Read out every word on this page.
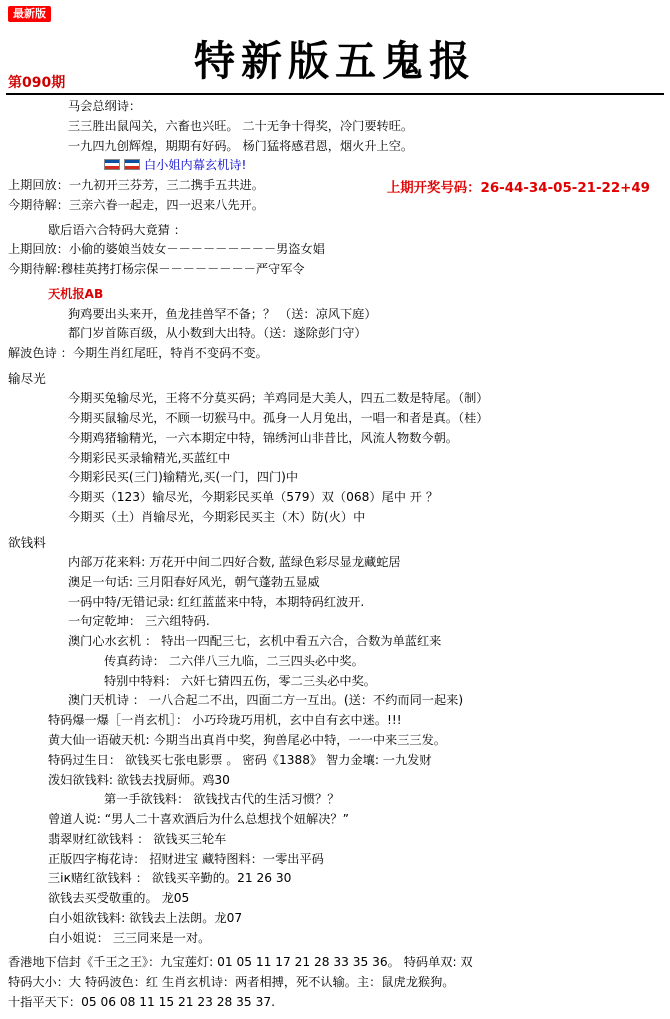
最新版
特新版五鬼报
第090期
马会总纲诗：
三三胜出鼠闯关，六畜也兴旺。 二十无争十得奖，冷门要转旺。
一九四九创辉煌，期期有好码。 杨门猛将感君恩，烟火升上空。
白小姐内幕玄机诗!
上期回放：一九初开三芬芳，三二携手五共进。
今期待解：三亲六眷一起走，四一迟来八先开。
上期开奖号码：26-44-34-05-21-22+49
歇后语六合特码大竟猜 ：
上期回放：小偷的婆娘当妓女－－－－－－－－－男盗女娼
今期待解:穆桂英拷打杨宗保－－－－－－－－严守军令
天机报AB
狗鸡要出头来开，鱼龙挂兽罕不备；？ （送：凉风下庭）
都门岁首陈百级，从小数到大出特。（送：遂除彭门守）
解波色诗 ：今期生肖红尾旺，特肖不变码不变。
输尽光
今期买兔输尽光，王将不分莫买码；羊鸡同是大美人，四五二数是特尾。（制）
今期买鼠输尽光，不顾一切猴马中。孤身一人月兔出，一唱一和者是真。（桂）
今期鸡猪输精光，一六本期定中特，锦绣河山非昔比，风流人物数今朝。
今期彩民买录输精光,买蓝红中
今期彩民买(三门)输精光,买(一门，四门)中
今期买（123）输尽光，今期彩民买单（579）双（068）尾中 开 ？
今期买（土）肖输尽光，今期彩民买主（木）防(火）中
欲钱料
内部万花来料: 万花开中间二四好合数, 蓝绿色彩尽显龙藏蛇居
澳足一句话: 三月阳春好风光，朝气蓬勃五显威
一码中特/无错记录: 红红蓝蓝来中特，本期特码红波开.
一句定乾坤： 三六组特码.
澳门心水玄机 ： 特出一四配三七，玄机中看五六合，合数为单蓝红来
传真药诗： 二六伴八三九临，二三四头必中奖。
特别中特料： 六奸七猜四五伤，零二三头必中奖。
澳门天机诗 ： 一八合起二不出，四面二方一互出。(送：不约而同一起来)
特码爆一爆［一肖玄机］： 小巧玲珑巧用机，玄中自有玄中迷。!!!
黄大仙一语破天机: 今期当出真肖中奖，狗兽尾必中特，一一中来三三发。
特码过生日： 欲钱买七张电影票 。 密码《1388》 智力金壤: 一九发财
泼妇欲钱料: 欲钱去找厨师。鸡30
第一手欲钱料： 欲钱找古代的生活习惯？？
曾道人说: “男人二十喜欢酒后为什么总想找个妞解决？”
翡翠财红欲钱料 ： 欲钱买三轮车
正版四字梅花诗： 招财进宝 藏特图料：一零出平码
三ік赌红欲钱料 ： 欲钱买辛勤的。21 26 30
欲钱去买受敬重的。 龙05
白小姐欲钱料: 欲钱去上法朗。龙07
白小姐说： 三三同来是一对。
香港地下信封《千王之王》：九宝莲灯: 01 05 11 17 21 28 33 35 36。 特码单双: 双
特码大小：大 特码波色：红 生肖玄机诗：两者相搏，死不认输。主：鼠虎龙猴狗。
十指平天下：05 06 08 11 15 21 23 28 35 37.
